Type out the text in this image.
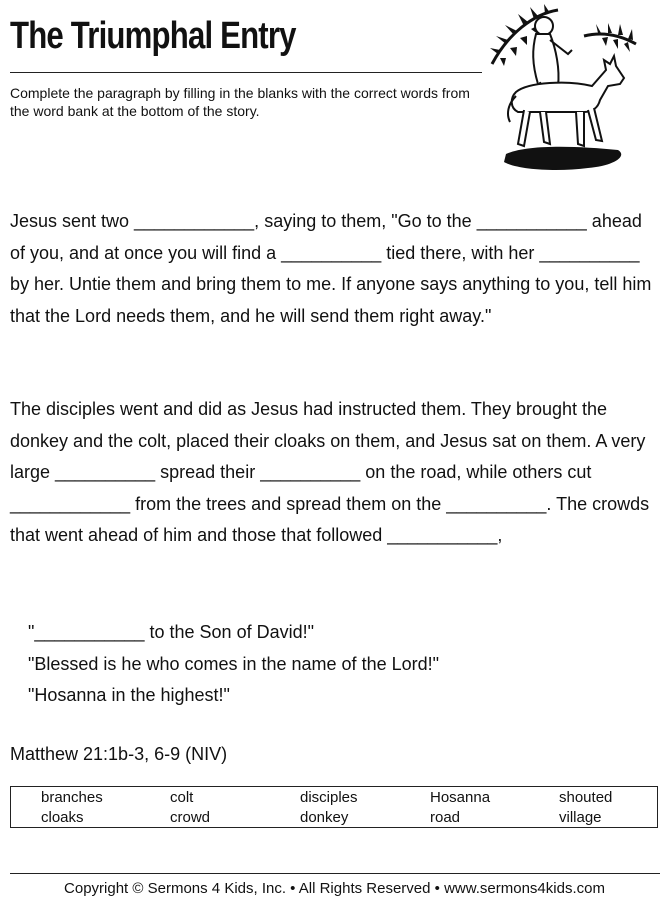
The Triumphal Entry

Complete the paragraph by filling in the blanks with the correct words from the word bank at the bottom of the story.

Jesus sent two ____________, saying to them, "Go to the ___________ ahead of you, and at once you will find a __________ tied there, with her __________ by her. Untie them and bring them to me. If anyone says anything to you, tell him that the Lord needs them, and he will send them right away."

The disciples went and did as Jesus had instructed them. They brought the donkey and the colt, placed their cloaks on them, and Jesus sat on them. A very large __________ spread their __________ on the road, while others cut ____________ from the trees and spread them on the __________. The crowds that went ahead of him and those that followed ___________,

"___________ to the Son of David!"
"Blessed is he who comes in the name of the Lord!"
"Hosanna in the highest!"
Matthew 21:1b-3, 6-9 (NIV)
branches	colt	disciples	Hosanna	shouted
cloaks	crowd	donkey	road	village
Copyright © Sermons 4 Kids, Inc. • All Rights Reserved • www.sermons4kids.com
